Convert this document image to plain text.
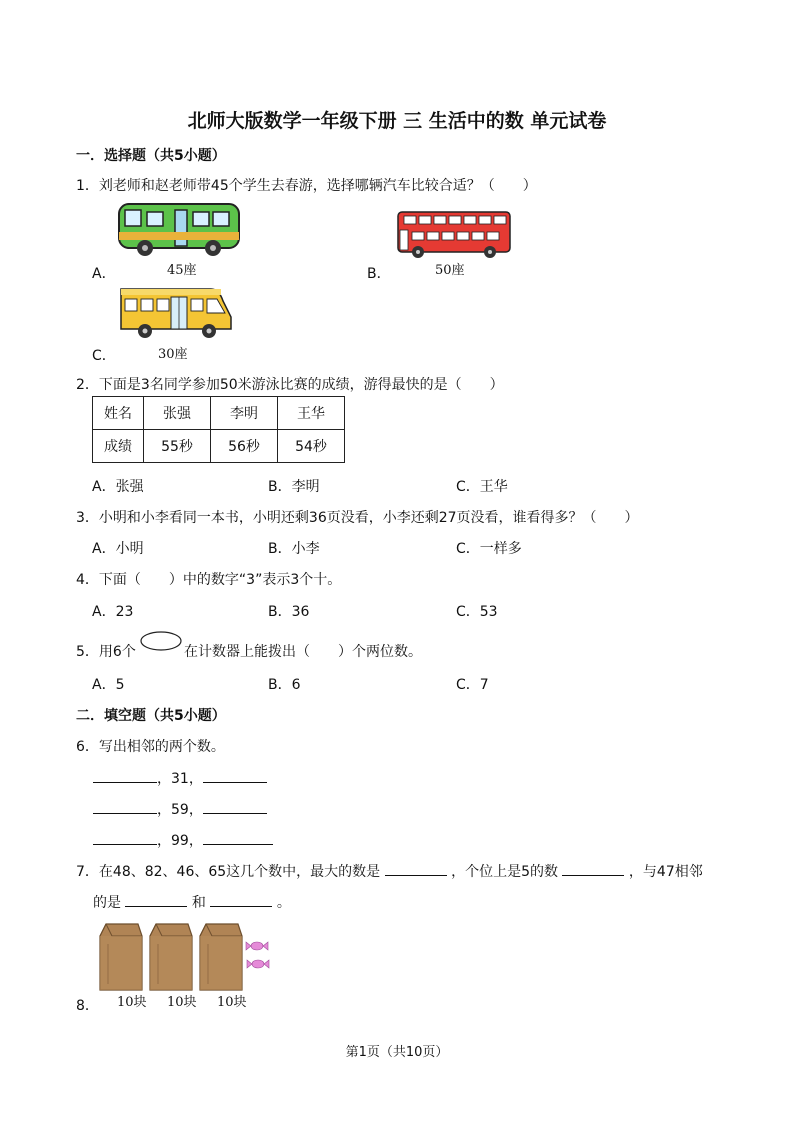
北师大版数学一年级下册 三 生活中的数 单元试卷
一．选择题（共5小题）
1．刘老师和赵老师带45个学生去春游，选择哪辆汽车比较合适？（　　）
A．	45座	B．	50座
C．	30座
2．下面是3名同学参加50米游泳比赛的成绩，游得最快的是（　　）
姓名	张强	李明	王华
成绩	55秒	56秒	54秒
A．张强	B．李明	C．王华
3．小明和小李看同一本书，小明还剩36页没看，小李还剩27页没看，谁看得多？（　　）
A．小明	B．小李	C．一样多
4．下面（　　）中的数字“3”表示3个十。
A．23	B．36	C．53
5．用6个	在计数器上能拨出（　　）个两位数。
A．5	B．6	C．7
二．填空题（共5小题）
6．写出相邻的两个数。
，31，
，59，
，99，
7．在48、82、46、65这几个数中，最大的数是	，个位上是5的数	，与47相邻
的是	和	。
8． 10块 10块 10块
第1页（共10页）
